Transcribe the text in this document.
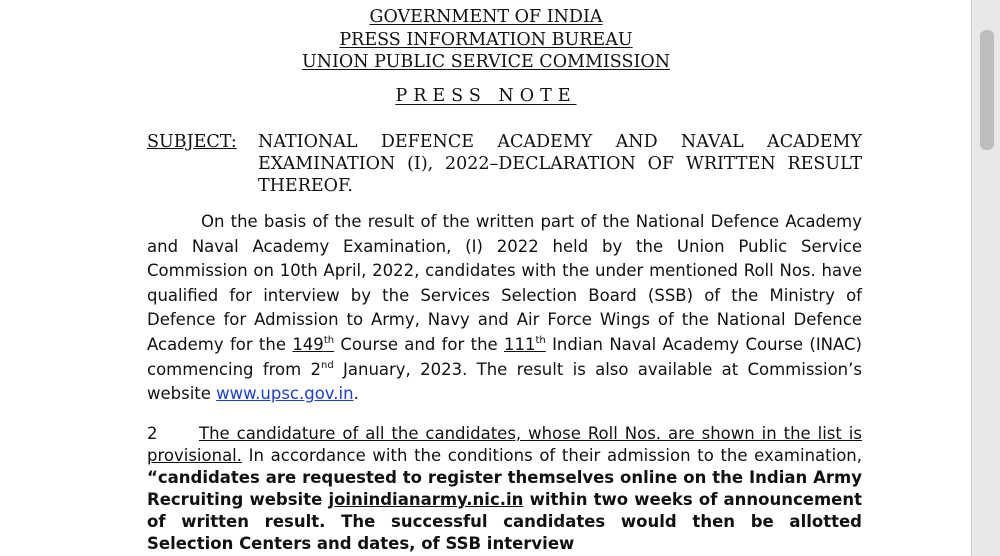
GOVERNMENT OF INDIA
PRESS INFORMATION BUREAU
UNION PUBLIC SERVICE COMMISSION
PRESS NOTE
SUBJECT: NATIONAL DEFENCE ACADEMY AND NAVAL ACADEMY EXAMINATION (I), 2022–DECLARATION OF WRITTEN RESULT THEREOF.
On the basis of the result of the written part of the National Defence Academy and Naval Academy Examination, (I) 2022 held by the Union Public Service Commission on 10th April, 2022, candidates with the under mentioned Roll Nos. have qualified for interview by the Services Selection Board (SSB) of the Ministry of Defence for Admission to Army, Navy and Air Force Wings of the National Defence Academy for the 149th Course and for the 111th Indian Naval Academy Course (INAC) commencing from 2nd January, 2023. The result is also available at Commission’s website www.upsc.gov.in.
2	The candidature of all the candidates, whose Roll Nos. are shown in the list is provisional. In accordance with the conditions of their admission to the examination, “candidates are requested to register themselves online on the Indian Army Recruiting website joinindianarmy.nic.in within two weeks of announcement of written result. The successful candidates would then be allotted Selection Centers and dates, of SSB interview
